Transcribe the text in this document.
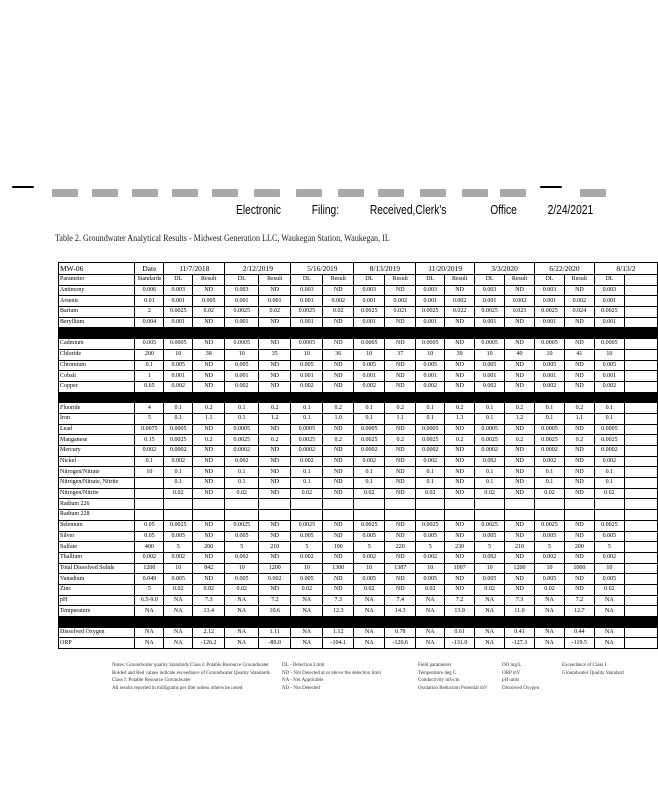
Electronic Filing: Received,Clerk's	Office 2/24/2021
Table 2. Groundwater Analytical Results - Midwest Generation LLC, Waukegan Station, Waukegan, IL
MW-06	Date	11/7/2018		2/12/2019		5/16/2019		8/13/2019		11/20/2019		3/3/2020		6/22/2020		8/13/2	
Parameter	Standards	DL	Result	DL	Result	DL	Result	DL	Result	DL	Result	DL	Result	DL	Result	DL	
Antimony	0.006	0.003	ND	0.003	ND	0.003	ND	0.003	ND	0.003	ND	0.003	ND	0.003	ND	0.003	
Arsenic	0.01	0.001	0.005	0.001	0.001	0.001	0.002	0.001	0.002	0.001	0.002	0.001	0.002	0.001	0.002	0.001	
Barium	2	0.0025	0.02	0.0025	0.02	0.0025	0.02	0.0025	0.021	0.0025	0.022	0.0025	0.023	0.0025	0.024	0.0025	
Beryllium	0.004	0.001	ND	0.001	ND	0.001	ND	0.001	ND	0.001	ND	0.001	ND	0.001	ND	0.001	
Boron																	
Cadmium	0.005	0.0005	ND	0.0005	ND	0.0005	ND	0.0005	ND	0.0005	ND	0.0005	ND	0.0005	ND	0.0005	
Chloride	200	10	38	10	35	10	36	10	37	10	39	10	40	10	41	10	
Chromium	0.1	0.005	ND	0.005	ND	0.005	ND	0.005	ND	0.005	ND	0.005	ND	0.005	ND	0.005	
Cobalt	1	0.001	ND	0.001	ND	0.001	ND	0.001	ND	0.001	ND	0.001	ND	0.001	ND	0.001	
Copper	0.65	0.002	ND	0.002	ND	0.002	ND	0.002	ND	0.002	ND	0.002	ND	0.002	ND	0.002	
Cyanide																	
Fluoride	4	0.1	0.2	0.1	0.2	0.1	0.2	0.1	0.2	0.1	0.2	0.1	0.2	0.1	0.2	0.1	
Iron	5	0.1	1.1	0.1	1.2	0.1	1.0	0.1	1.1	0.1	1.3	0.1	1.2	0.1	1.1	0.1	
Lead	0.0075	0.0005	ND	0.0005	ND	0.0005	ND	0.0005	ND	0.0005	ND	0.0005	ND	0.0005	ND	0.0005	
Manganese	0.15	0.0025	0.2	0.0025	0.2	0.0025	0.2	0.0025	0.2	0.0025	0.2	0.0025	0.2	0.0025	0.2	0.0025	
Mercury	0.002	0.0002	ND	0.0002	ND	0.0002	ND	0.0002	ND	0.0002	ND	0.0002	ND	0.0002	ND	0.0002	
Nickel	0.1	0.002	ND	0.002	ND	0.002	ND	0.002	ND	0.002	ND	0.002	ND	0.002	ND	0.002	
Nitrogen/Nitrate	10	0.1	ND	0.1	ND	0.1	ND	0.1	ND	0.1	ND	0.1	ND	0.1	ND	0.1	
Nitrogen/Nitrate, Nitrite		0.1	ND	0.1	ND	0.1	ND	0.1	ND	0.1	ND	0.1	ND	0.1	ND	0.1	
Nitrogen/Nitrite		0.02	ND	0.02	ND	0.02	ND	0.02	ND	0.02	ND	0.02	ND	0.02	ND	0.02	
Radium 226																	
Radium 228																	
Selenium	0.05	0.0025	ND	0.0025	ND	0.0025	ND	0.0025	ND	0.0025	ND	0.0025	ND	0.0025	ND	0.0025	
Silver	0.05	0.005	ND	0.005	ND	0.005	ND	0.005	ND	0.005	ND	0.005	ND	0.005	ND	0.005	
Sulfate	400	5	200	5	210	5	190	5	220	5	230	5	210	5	200	5	
Thallium	0.002	0.002	ND	0.002	ND	0.002	ND	0.002	ND	0.002	ND	0.002	ND	0.002	ND	0.002	
Total Dissolved Solids	1200	10	842	10	1200	10	1300	10	1387	10	1097	10	1200	10	1000	10	
Vanadium	0.049	0.005	ND	0.005	0.002	0.005	ND	0.005	ND	0.005	ND	0.005	ND	0.005	ND	0.005	
Zinc	5	0.02	0.02	0.02	ND	0.02	ND	0.02	ND	0.02	ND	0.02	ND	0.02	ND	0.02	
pH	6.5-9.0	NA	7.3	NA	7.2	NA	7.3	NA	7.4	NA	7.2	NA	7.3	NA	7.2	NA	
Temperature	NA	NA	13.4	NA	10.6	NA	12.3	NA	14.3	NA	13.9	NA	11.0	NA	12.7	NA	
Conductivity																	
Dissolved Oxygen	NA	NA	2.12	NA	1.11	NA	1.12	NA	0.78	NA	0.61	NA	0.41	NA	0.44	NA	
ORP	NA	NA	-126.2	NA	-89.0	NA	-104.1	NA	-120.6	NA	-131.0	NA	-127.3	NA	-119.5	NA	
Notes: Groundwater quality Standards Class I: Potable Resource Groundwater
Bolded and Red values indicate exceedance of Groundwater Quality Standards
Class I: Potable Resource Groundwater
All results reported in milligrams per liter unless otherwise noted
DL - Detection Limit
ND - Not Detected at or above the detection limit
NA - Not Applicable
ND - Not Detected
Field parameters
Temperature deg C
Conductivity mS/cm
Oxidation Reduction Potential mV
DO mg/L
ORP mV
pH units
Dissolved Oxygen
Exceedance of Class I
Groundwater Quality Standard
